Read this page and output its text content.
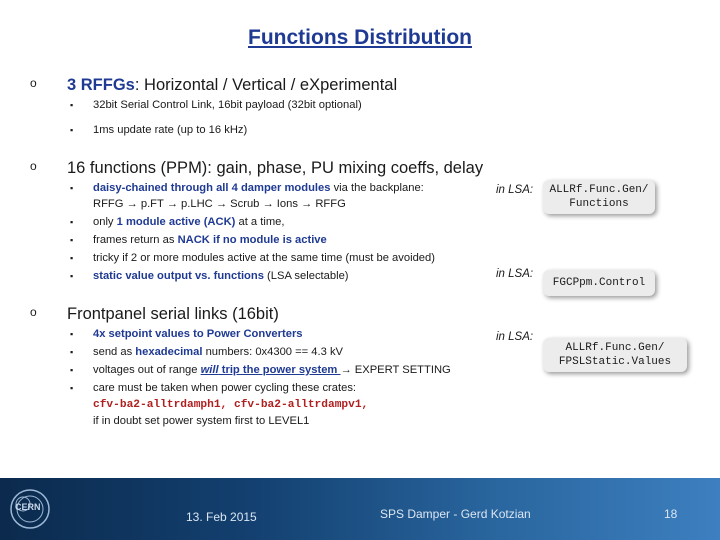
Functions Distribution
o 3 RFFGs: Horizontal / Vertical / eXperimental
▪ 32bit Serial Control Link, 16bit payload (32bit optional)
▪ 1ms update rate (up to 16 kHz)
o 16 functions (PPM): gain, phase, PU mixing coeffs, delay
▪ daisy-chained through all 4 damper modules via the backplane:
RFFG → p.FT → p.LHC → Scrub → Ions → RFFG
▪ only 1 module active (ACK) at a time,
▪ frames return as NACK if no module is active
▪ tricky if 2 or more modules active at the same time (must be avoided)
▪ static value output vs. functions (LSA selectable)
in LSA:	ALLRf.Func.Gen/
Functions
in LSA:
FGCPpm.Control
in LSA:
ALLRf.Func.Gen/
FPSLStatic.Values
o Frontpanel serial links (16bit)
▪ 4x setpoint values to Power Converters
▪ send as hexadecimal numbers: 0x4300 == 4.3 kV
▪ voltages out of range will trip the power system → EXPERT SETTING
▪ care must be taken when power cycling these crates:
cfv-ba2-alltrdamph1, cfv-ba2-alltrdampv1,
if in doubt set power system first to LEVEL1
CERN
13. Feb 2015	SPS Damper - Gerd Kotzian	18
